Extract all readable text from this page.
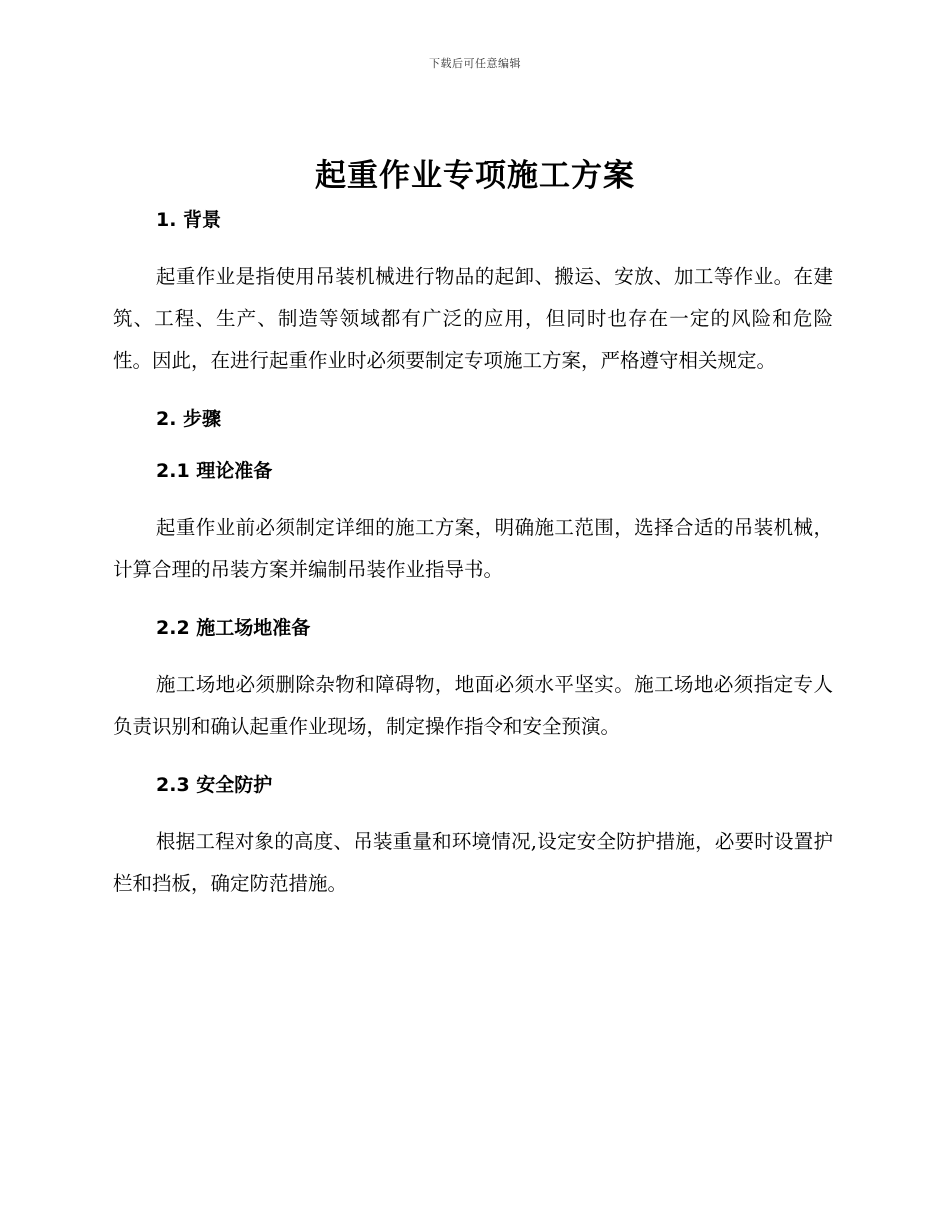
下载后可任意编辑
起重作业专项施工方案

1. 背景

起重作业是指使用吊装机械进行物品的起卸、搬运、安放、加工等作业。在建筑、工程、生产、制造等领域都有广泛的应用，但同时也存在一定的风险和危险性。因此，在进行起重作业时必须要制定专项施工方案，严格遵守相关规定。

2. 步骤

2.1 理论准备

起重作业前必须制定详细的施工方案，明确施工范围，选择合适的吊装机械，计算合理的吊装方案并编制吊装作业指导书。

2.2 施工场地准备

施工场地必须删除杂物和障碍物，地面必须水平坚实。施工场地必须指定专人负责识别和确认起重作业现场，制定操作指令和安全预演。

2.3 安全防护

根据工程对象的高度、吊装重量和环境情况,设定安全防护措施，必要时设置护栏和挡板，确定防范措施。
